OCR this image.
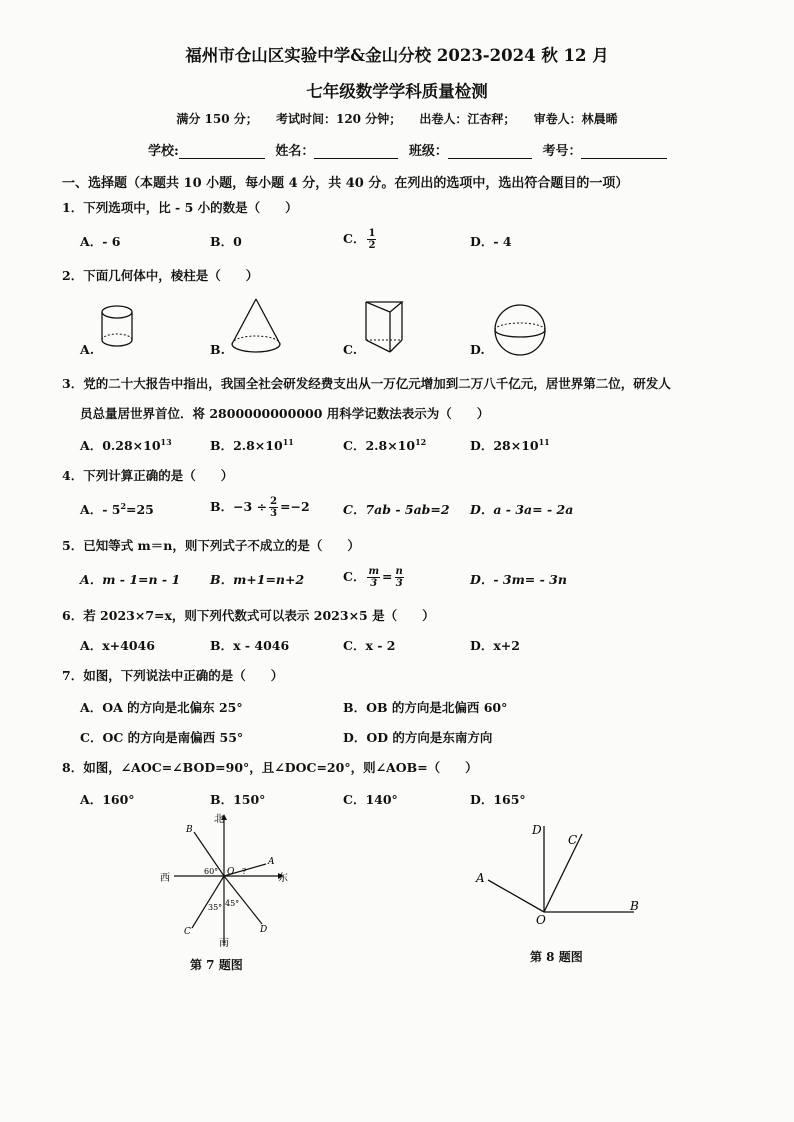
福州市仓山区实验中学&金山分校 2023-2024 秋 12 月
七年级数学学科质量检测
满分 150 分； 考试时间：120 分钟； 出卷人：江杏秤； 审卷人：林晨晞
学校:	姓名：	班级：	考号：
一、选择题（本题共 10 小题，每小题 4 分，共 40 分。在列出的选项中，选出符合题目的一项）
1．下列选项中，比 - 5 小的数是（　　）
A．- 6	B．0	C． $\frac{1}{2}$	D．- 4
2．下面几何体中，棱柱是（　　）
A.	B.	C.	D.
3．党的二十大报告中指出，我国全社会研发经费支出从一万亿元增加到二万八千亿元，居世界第二位，研发人
员总量居世界首位．将 2800000000000 用科学记数法表示为（　　）
A．$0.28\times 10^{13}$	B．$2.8\times 10^{11}$	C．$2.8\times 10^{12}$	D．$28\times 10^{11}$
4．下列计算正确的是（　　）
A．- $5^2=25$	B．$-3 \div \frac{2}{3} =-2$	C．7ab - 5ab=2 D．a - 3a= - 2a
5．已知等式 m＝n，则下列式子不成立的是（　　）
A．m - 1=n - 1 B．m+1=n+2	C． $\frac{m}{3} = \frac{n}{3}$	D．- 3m= - 3n
6．若 2023×7=x，则下列代数式可以表示 2023×5 是（　　）
A．x+4046	B．x - 4046	C．x - 2	D．x+2
7．如图，下列说法中正确的是（　　）
A．OA 的方向是北偏东 25°	B．OB 的方向是北偏西 60°
C．OC 的方向是南偏西 55°	D．OD 的方向是东南方向
8．如图，∠AOC=∠BOD=90°，且∠DOC=20°，则∠AOB=（　　）
A．160°	B．150°	C．140°	D．165°
北
南
西	东
B
A
C	D
O
60°	?
35° 45°
第 7 题图
D
C
A
B
O
第 8 题图
